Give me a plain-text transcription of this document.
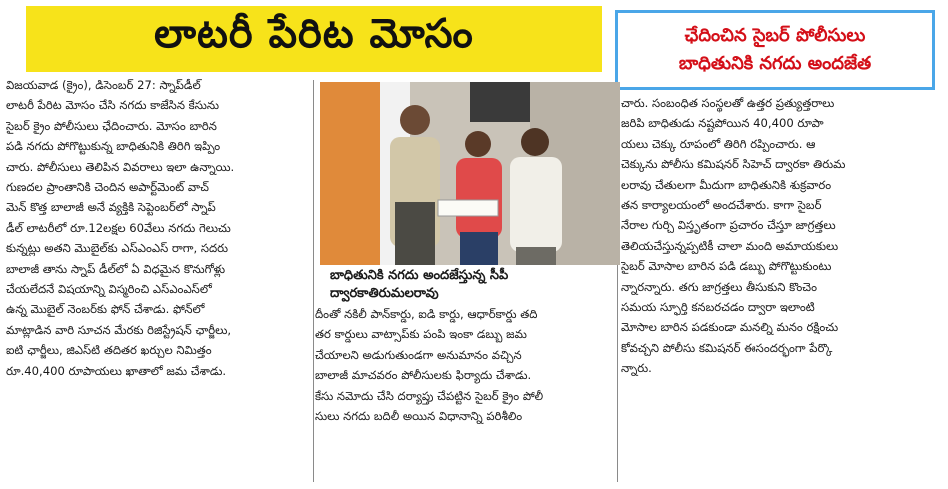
లాటరీ పేరిట మోసం	ఛేదించిన సైబర్ పోలీసులు
బాధితునికి నగదు అందజేత

విజయవాడ (క్రైం), డిసెంబర్ 27: స్నాప్‌డీల్

లాటరీ పేరిట మోసం చేసి నగదు కాజేసిన కేసును

సైబర్ క్రైం పోలీసులు ఛేదించారు. మోసం బారిన

పడి నగదు పోగొట్టుకున్న బాధితునికి తిరిగి ఇప్పిం

చారు. పోలీసులు తెలిపిన వివరాలు ఇలా ఉన్నాయి.

గుణదల ప్రాంతానికి చెందిన అపార్ట్‌మెంట్ వాచ్

మెన్ కొత్త బాలాజీ అనే వ్యక్తికి సెప్టెంబర్‌లో స్నాప్

డీల్ లాటరీలో రూ.12లక్షల 60వేలు నగదు గెలుచు

కున్నట్లు అతని మొబైల్‌కు ఎస్ఎంఎస్ రాగా, సదరు

బాలాజీ తాను స్నాప్ డీల్‌లో ఏ విధమైన కొనుగోళ్లు

చేయలేదనే విషయాన్ని విస్మరించి ఎస్ఎంఎస్‌లో

ఉన్న మొబైల్ నెంబర్‌కు ఫోన్ చేశాడు. ఫోన్‌లో

మాట్లాడిన వారి సూచన మేరకు రిజిస్ట్రేషన్ ఛార్జీలు,

ఐటి ఛార్జీలు, జిఎస్‌టి తదితర ఖర్చుల నిమిత్తం

రూ.40,400 రూపాయలు ఖాతాలో జమ చేశాడు.

బాధితునికి నగదు అందజేస్తున్న సీపీ
ద్వారకాతిరుమలరావు

దీంతో నకిలీ పాన్‌కార్డు, ఐడి కార్డు, ఆధార్‌కార్డు తది

తర కార్డులు వాట్సాప్‌కు పంపి ఇంకా డబ్బు జమ

చేయాలని అడుగుతుండగా అనుమానం వచ్చిన

బాలాజీ మాచవరం పోలీసులకు ఫిర్యాదు చేశాడు.

కేసు నమోదు చేసి దర్యాప్తు చేపట్టిన సైబర్ క్రైం పోలీ

సులు నగదు బదిలీ అయిన విధానాన్ని పరిశీలిం

చారు. సంబంధిత సంస్థలతో ఉత్తర ప్రత్యుత్తరాలు

జరిపి బాధితుడు నష్టపోయిన 40,400 రూపా

యలు చెక్కు రూపంలో తిరిగి రప్పించారు. ఆ

చెక్కును పోలీసు కమిషనర్ సిహెచ్ ద్వారకా తిరుమ

లరావు చేతులగా మీదుగా బాధితునికి శుక్రవారం

తన కార్యాలయంలో అందచేశారు. కాగా సైబర్

నేరాల గుర్చి విస్తృతంగా ప్రచారం చేస్తూ జాగ్రత్తలు

తెలియచేస్తున్నప్పటికీ చాలా మంది అమాయకులు

సైబర్ మోసాల బారిన పడి డబ్బు పోగొట్టుకుంటు

న్నారన్నారు. తగు జాగ్రత్తలు తీసుకుని కొంచెం

సమయ స్ఫూర్తి కనబరచడం ద్వారా ఇలాంటి

మోసాల బారిన పడకుండా మనల్ని మనం రక్షించు

కోవచ్చని పోలీసు కమిషనర్ ఈసందర్భంగా పేర్కొ

న్నారు.
